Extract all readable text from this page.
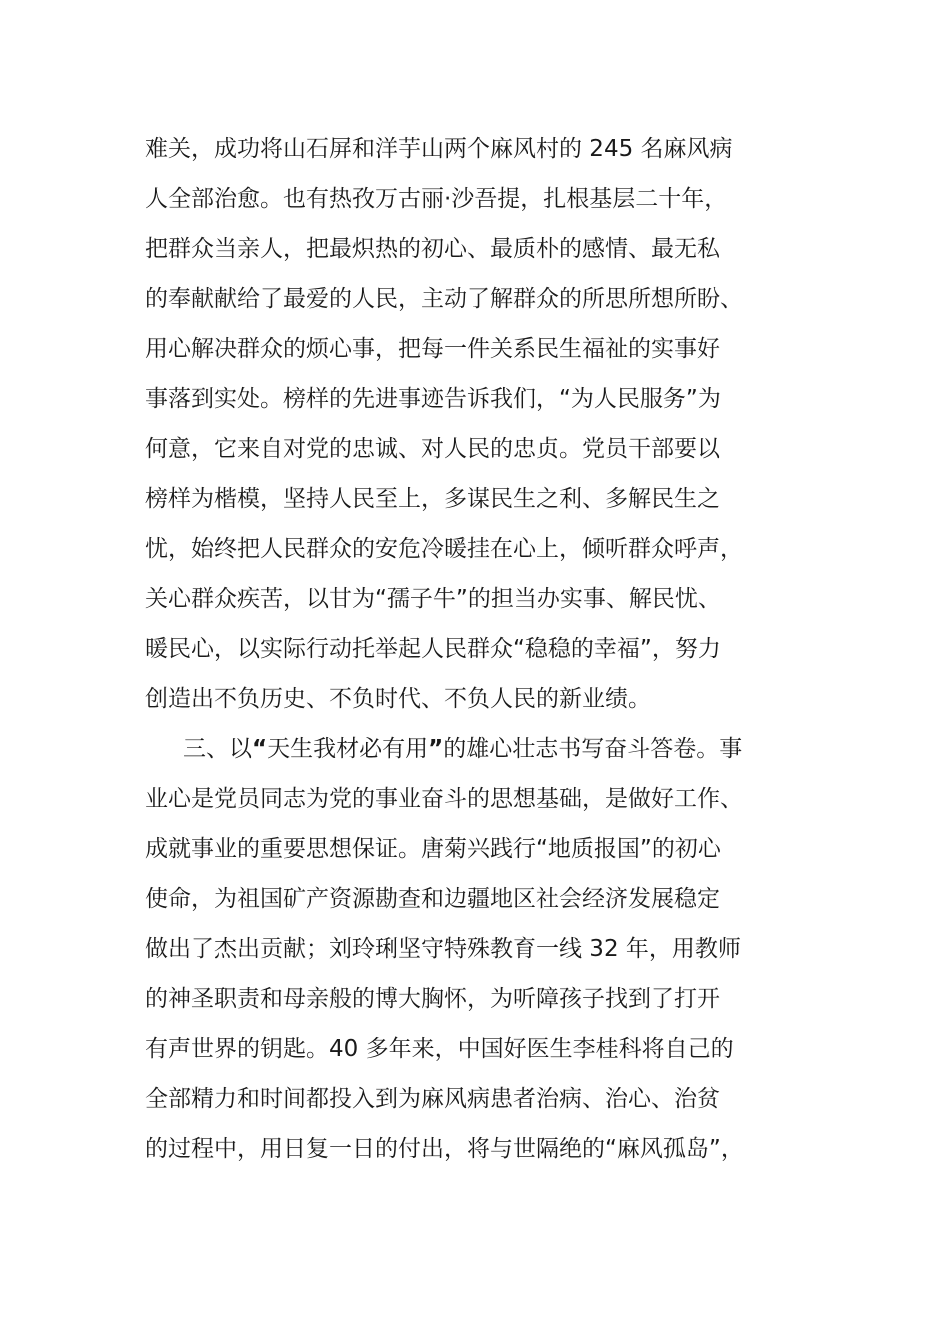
难关，成功将山石屏和洋芋山两个麻风村的 245 名麻风病
人全部治愈。也有热孜万古丽·沙吾提，扎根基层二十年，
把群众当亲人，把最炽热的初心、最质朴的感情、最无私
的奉献献给了最爱的人民，主动了解群众的所思所想所盼、
用心解决群众的烦心事，把每一件关系民生福祉的实事好
事落到实处。榜样的先进事迹告诉我们，“为人民服务”为
何意，它来自对党的忠诚、对人民的忠贞。党员干部要以
榜样为楷模，坚持人民至上，多谋民生之利、多解民生之
忧，始终把人民群众的安危冷暖挂在心上，倾听群众呼声，
关心群众疾苦，以甘为“孺子牛”的担当办实事、解民忧、
暖民心，以实际行动托举起人民群众“稳稳的幸福”，努力
创造出不负历史、不负时代、不负人民的新业绩。
三、以“天生我材必有用”的雄心壮志书写奋斗答卷。事
业心是党员同志为党的事业奋斗的思想基础，是做好工作、
成就事业的重要思想保证。唐菊兴践行“地质报国”的初心
使命，为祖国矿产资源勘查和边疆地区社会经济发展稳定
做出了杰出贡献；刘玲琍坚守特殊教育一线 32 年，用教师
的神圣职责和母亲般的博大胸怀，为听障孩子找到了打开
有声世界的钥匙。40 多年来，中国好医生李桂科将自己的
全部精力和时间都投入到为麻风病患者治病、治心、治贫
的过程中，用日复一日的付出，将与世隔绝的“麻风孤岛”，
